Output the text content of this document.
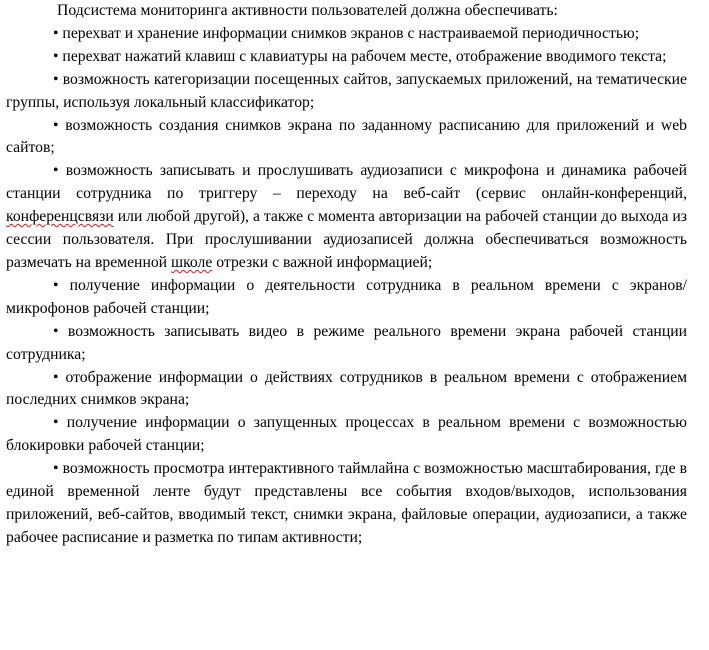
Подсистема мониторинга активности пользователей должна обеспечивать:

• перехват и хранение информации снимков экранов с настраиваемой периодичностью;

• перехват нажатий клавиш с клавиатуры на рабочем месте, отображение вводимого текста;

• возможность категоризации посещенных сайтов, запускаемых приложений, на тематические группы, используя локальный классификатор;

• возможность создания снимков экрана по заданному расписанию для приложений и web сайтов;

• возможность записывать и прослушивать аудиозаписи с микрофона и динамика рабочей станции сотрудника по триггеру – переходу на веб-сайт (сервис онлайн-конференций, конференцсвязи или любой другой), а также с момента авторизации на рабочей станции до выхода из сессии пользователя. При прослушивании аудиозаписей должна обеспечиваться возможность размечать на временной школе отрезки с важной информацией;

• получение информации о деятельности сотрудника в реальном времени с экранов/микрофонов рабочей станции;

• возможность записывать видео в режиме реального времени экрана рабочей станции сотрудника;

• отображение информации о действиях сотрудников в реальном времени с отображением последних снимков экрана;

• получение информации о запущенных процессах в реальном времени с возможностью блокировки рабочей станции;

• возможность просмотра интерактивного таймлайна с возможностью масштабирования, где в единой временной ленте будут представлены все события входов/выходов, использования приложений, веб-сайтов, вводимый текст, снимки экрана, файловые операции, аудиозаписи, а также рабочее расписание и разметка по типам активности;
